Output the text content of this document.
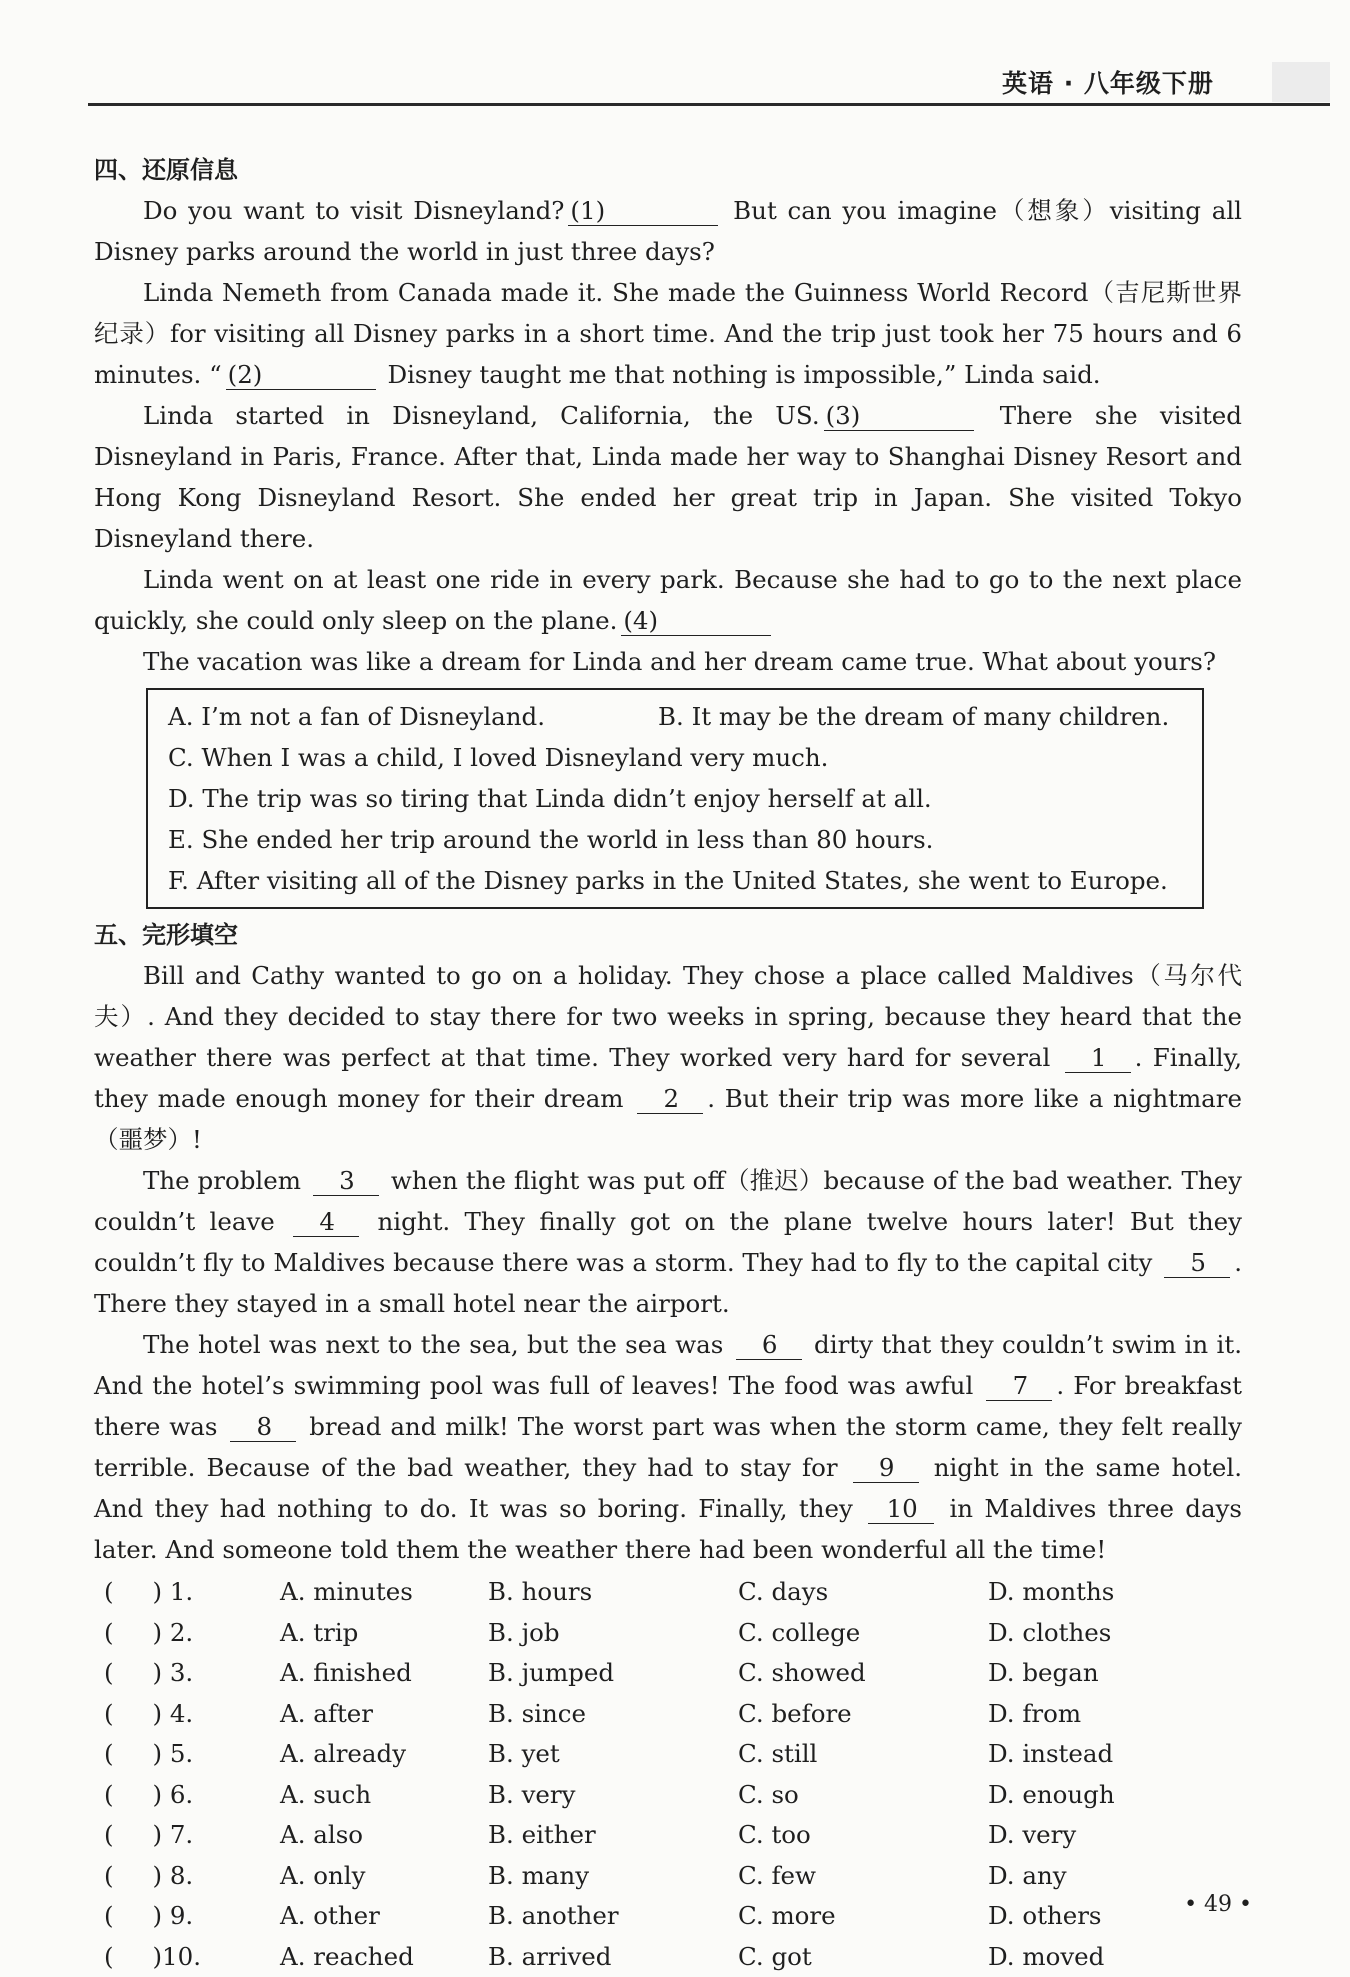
英语 · 八年级下册
四、还原信息

Do you want to visit Disneyland? (1)	But can you imagine（想象）visiting all Disney parks around the world in just three days?

Linda Nemeth from Canada made it. She made the Guinness World Record（吉尼斯世界纪录）for visiting all Disney parks in a short time. And the trip just took her 75 hours and 6 minutes. “ (2)	Disney taught me that nothing is impossible,” Linda said.

Linda started in Disneyland, California, the US. (3)	There she visited Disneyland in Paris, France. After that, Linda made her way to Shanghai Disney Resort and Hong Kong Disneyland Resort. She ended her great trip in Japan. She visited Tokyo Disneyland there.

Linda went on at least one ride in every park. Because she had to go to the next place quickly, she could only sleep on the plane. (4)

The vacation was like a dream for Linda and her dream came true. What about yours?

A. I’m not a fan of Disneyland.	B. It may be the dream of many children.
C. When I was a child, I loved Disneyland very much.
D. The trip was so tiring that Linda didn’t enjoy herself at all.
E. She ended her trip around the world in less than 80 hours.
F. After visiting all of the Disney parks in the United States, she went to Europe.
五、完形填空

Bill and Cathy wanted to go on a holiday. They chose a place called Maldives（马尔代夫）. And they decided to stay there for two weeks in spring, because they heard that the weather there was perfect at that time. They worked very hard for several 1 . Finally, they made enough money for their dream 2 . But their trip was more like a nightmare（噩梦）!

The problem 3 when the flight was put off（推迟）because of the bad weather. They couldn’t leave 4 night. They finally got on the plane twelve hours later! But they couldn’t fly to Maldives because there was a storm. They had to fly to the capital city 5 . There they stayed in a small hotel near the airport.

The hotel was next to the sea, but the sea was 6 dirty that they couldn’t swim in it. And the hotel’s swimming pool was full of leaves! The food was awful 7 . For breakfast there was 8 bread and milk! The worst part was when the storm came, they felt really terrible. Because of the bad weather, they had to stay for 9 night in the same hotel. And they had nothing to do. It was so boring. Finally, they 10 in Maldives three days later. And someone told them the weather there had been wonderful all the time!

(     ) 1.	A. minutes	B. hours	C. days	D. months
(     ) 2.	A. trip	B. job	C. college	D. clothes
(     ) 3.	A. finished	B. jumped	C. showed	D. began
(     ) 4.	A. after	B. since	C. before	D. from
(     ) 5.	A. already	B. yet	C. still	D. instead
(     ) 6.	A. such	B. very	C. so	D. enough
(     ) 7.	A. also	B. either	C. too	D. very
(     ) 8.	A. only	B. many	C. few	D. any
(     ) 9.	A. other	B. another	C. more	D. others
(     )10.	A. reached	B. arrived	C. got	D. moved
• 49 •
